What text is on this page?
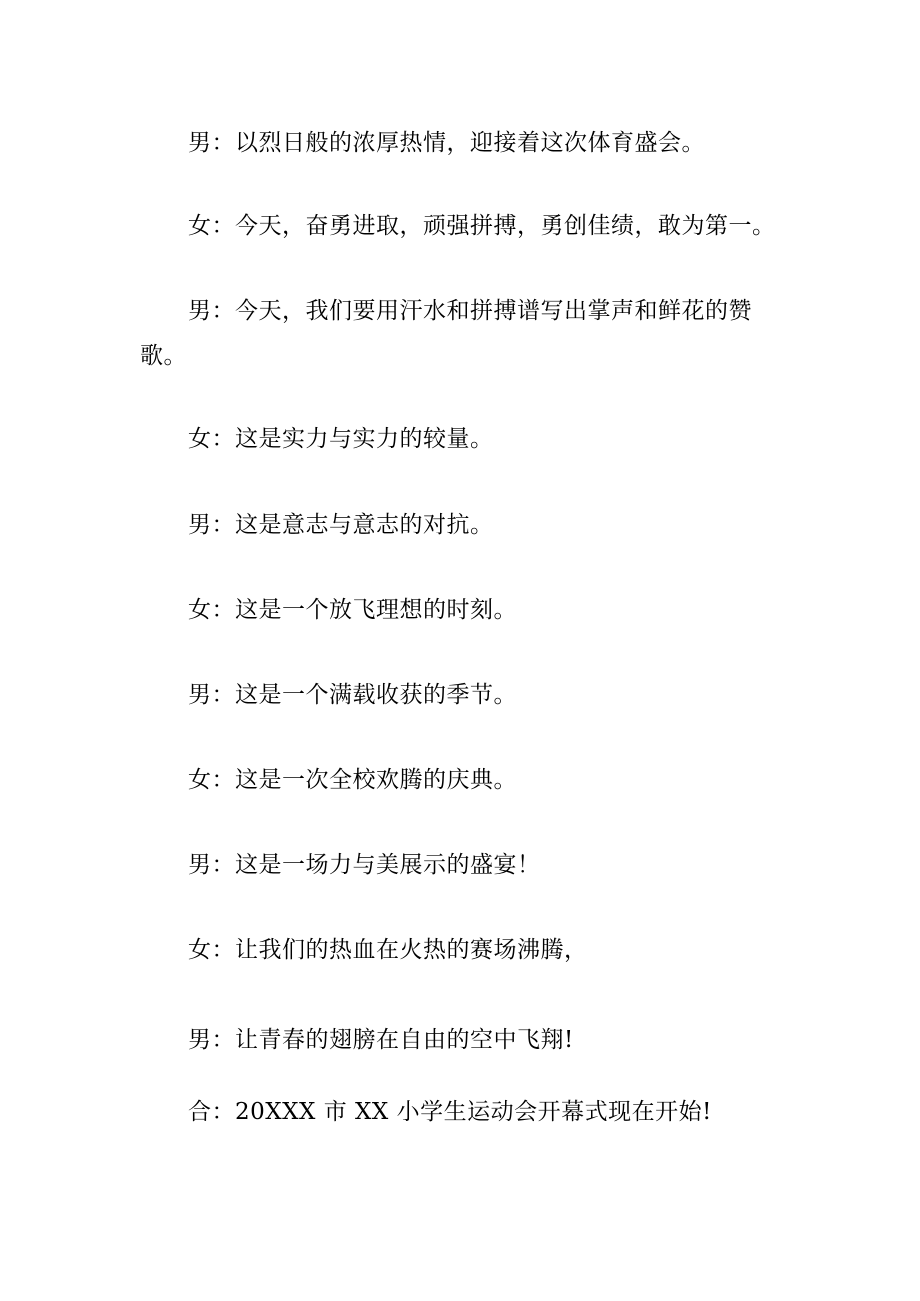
男：以烈日般的浓厚热情，迎接着这次体育盛会。
女：今天，奋勇进取，顽强拼搏，勇创佳绩，敢为第一。
男：今天，我们要用汗水和拼搏谱写出掌声和鲜花的赞
歌。
女：这是实力与实力的较量。
男：这是意志与意志的对抗。
女：这是一个放飞理想的时刻。
男：这是一个满载收获的季节。
女：这是一次全校欢腾的庆典。
男：这是一场力与美展示的盛宴！
女：让我们的热血在火热的赛场沸腾，
男：让青春的翅膀在自由的空中飞翔!
合：20XXX 市 XX 小学生运动会开幕式现在开始!
